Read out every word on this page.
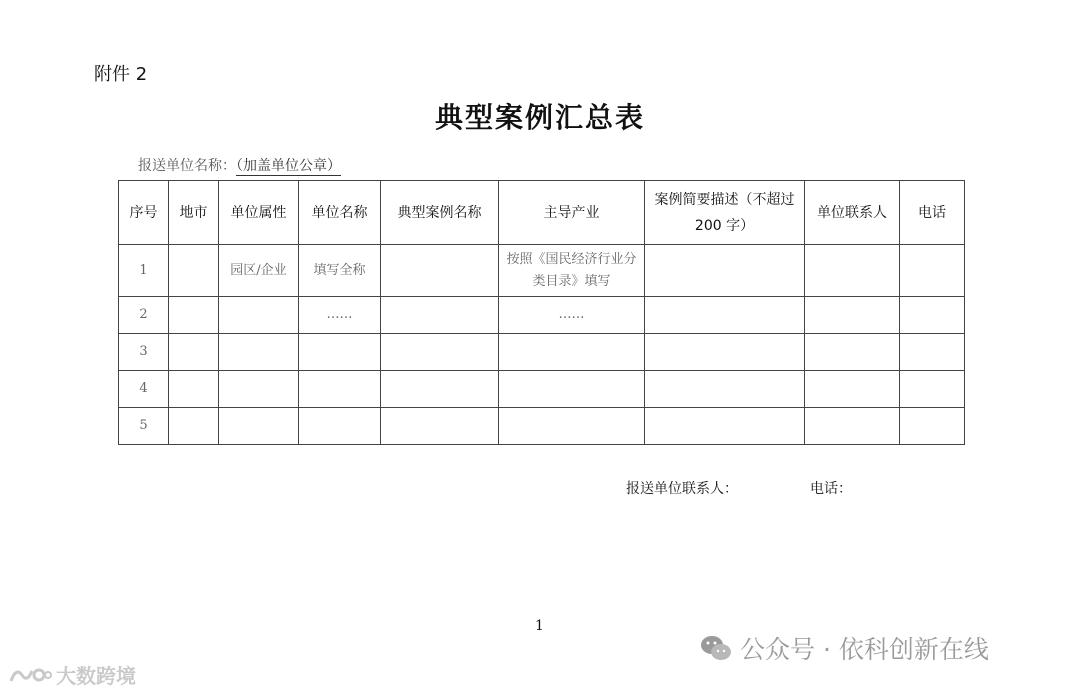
附件 2
典型案例汇总表
报送单位名称：（加盖单位公章）
序号	地市	单位属性	单位名称	典型案例名称	主导产业	案例简要描述（不超过200 字）	单位联系人	电话
1		园区/企业	填写全称		按照《国民经济行业分类目录》填写			
2			……		……			
3								
4								
5								
报送单位联系人：	电话：
1
大数跨境
公众号 · 依科创新在线
